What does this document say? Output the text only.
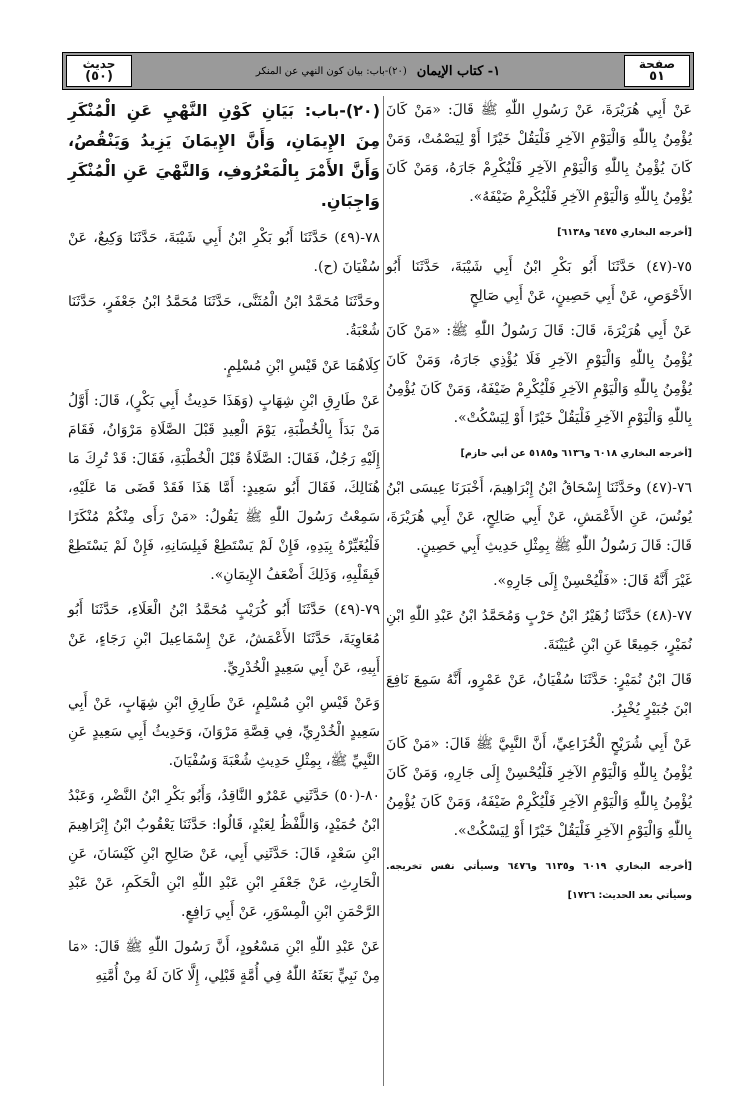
صفحة
٥١
١- كتاب الإيمان
(٢٠)-باب: بيان كون النهي عن المنكر
حديث
(٥٠)

عَنْ أَبِي هُرَيْرَةَ، عَنْ رَسُولِ اللّٰهِ ﷺ قَالَ: «مَنْ كَانَ يُؤْمِنُ بِاللّٰهِ وَالْيَوْمِ الآخِرِ فَلْيَقُلْ خَيْرًا أَوْ لِيَصْمُتْ، وَمَنْ كَانَ يُؤْمِنُ بِاللّٰهِ وَالْيَوْمِ الآخِرِ فَلْيُكْرِمْ جَارَهُ، وَمَنْ كَانَ يُؤْمِنُ بِاللّٰهِ وَالْيَوْمِ الآخِرِ فَلْيُكْرِمْ ضَيْفَهُ».

[أخرجه البخاري ٦٤٧٥ و٦١٣٨]

٧٥-(٤٧) حَدَّثَنَا أَبُو بَكْرِ ابْنُ أَبِي شَيْبَةَ، حَدَّثَنَا أَبُو الأَحْوَصِ، عَنْ أَبِي حَصِينٍ، عَنْ أَبِي صَالِحٍ

عَنْ أَبِي هُرَيْرَةَ، قَالَ: قَالَ رَسُولُ اللّٰهِ ﷺ: «مَنْ كَانَ يُؤْمِنُ بِاللّٰهِ وَالْيَوْمِ الآخِرِ فَلَا يُؤْذِي جَارَهُ، وَمَنْ كَانَ يُؤْمِنُ بِاللّٰهِ وَالْيَوْمِ الآخِرِ فَلْيُكْرِمْ ضَيْفَهُ، وَمَنْ كَانَ يُؤْمِنُ بِاللّٰهِ وَالْيَوْمِ الآخِرِ فَلْيَقُلْ خَيْرًا أَوْ لِيَسْكُتْ».

[أخرجه البخاري ٦٠١٨ و٦١٣٦ و٥١٨٥ عن أبي حازم]

٧٦-(٤٧) وحَدَّثَنَا إِسْحَاقُ ابْنُ إِبْرَاهِيمَ، أَخْبَرَنَا عِيسَى ابْنُ يُونُسَ، عَنِ الأَعْمَشِ، عَنْ أَبِي صَالِحٍ، عَنْ أَبِي هُرَيْرَةَ، قَالَ: قَالَ رَسُولُ اللّٰهِ ﷺ بِمِثْلِ حَدِيثِ أَبِي حَصِينٍ.

غَيْرَ أَنَّهُ قَالَ: «فَلْيُحْسِنْ إِلَى جَارِهِ».

٧٧-(٤٨) حَدَّثَنَا زُهَيْرُ ابْنُ حَرْبٍ وَمُحَمَّدُ ابْنُ عَبْدِ اللّٰهِ ابْنِ نُمَيْرٍ، جَمِيعًا عَنِ ابْنِ عُيَيْنَةَ.

قَالَ ابْنُ نُمَيْرٍ: حَدَّثَنَا سُفْيَانُ، عَنْ عَمْرٍو، أَنَّهُ سَمِعَ نَافِعَ ابْنَ جُبَيْرٍ يُخْبِرُ.

عَنْ أَبِي شُرَيْحٍ الْخُزَاعِيِّ، أَنَّ النَّبِيَّ ﷺ قَالَ: «مَنْ كَانَ يُؤْمِنُ بِاللّٰهِ وَالْيَوْمِ الآخِرِ فَلْيُحْسِنْ إِلَى جَارِهِ، وَمَنْ كَانَ يُؤْمِنُ بِاللّٰهِ وَالْيَوْمِ الآخِرِ فَلْيُكْرِمْ ضَيْفَهُ، وَمَنْ كَانَ يُؤْمِنُ بِاللّٰهِ وَالْيَوْمِ الآخِرِ فَلْيَقُلْ خَيْرًا أَوْ لِيَسْكُتْ».

[أخرجه البخاري ٦٠١٩ و٦١٣٥ و٦٤٧٦ وسيأتي نفس تخريجه. وسيأتي بعد الحديث: ١٧٢٦]

(٢٠)-باب: بَيَانِ كَوْنِ النَّهْيِ عَنِ الْمُنْكَرِ مِنَ الإِيمَانِ، وَأَنَّ الإِيمَانَ يَزِيدُ وَيَنْقُصُ، وَأَنَّ الأَمْرَ بِالْمَعْرُوفِ، وَالنَّهْيَ عَنِ الْمُنْكَرِ وَاجِبَانِ.

٧٨-(٤٩) حَدَّثَنَا أَبُو بَكْرِ ابْنُ أَبِي شَيْبَةَ، حَدَّثَنَا وَكِيعٌ، عَنْ سُفْيَانَ (ح).

وحَدَّثَنَا مُحَمَّدُ ابْنُ الْمُثَنَّى، حَدَّثَنَا مُحَمَّدُ ابْنُ جَعْفَرٍ، حَدَّثَنَا شُعْبَةُ.

كِلَاهُمَا عَنْ قَيْسِ ابْنِ مُسْلِمٍ.

عَنْ طَارِقِ ابْنِ شِهَابٍ (وَهَذَا حَدِيثُ أَبِي بَكْرٍ)، قَالَ: أَوَّلُ مَنْ بَدَأَ بِالْخُطْبَةِ، يَوْمَ الْعِيدِ قَبْلَ الصَّلَاةِ مَرْوَانُ، فَقَامَ إِلَيْهِ رَجُلٌ، فَقَالَ: الصَّلَاةُ قَبْلَ الْخُطْبَةِ، فَقَالَ: قَدْ تُرِكَ مَا هُنَالِكَ، فَقَالَ أَبُو سَعِيدٍ: أَمَّا هَذَا فَقَدْ قَضَى مَا عَلَيْهِ، سَمِعْتُ رَسُولَ اللّٰهِ ﷺ يَقُولُ: «مَنْ رَأَى مِنْكُمْ مُنْكَرًا فَلْيُغَيِّرْهُ بِيَدِهِ، فَإِنْ لَمْ يَسْتَطِعْ فَبِلِسَانِهِ، فَإِنْ لَمْ يَسْتَطِعْ فَبِقَلْبِهِ، وَذَلِكَ أَضْعَفُ الإِيمَانِ».

٧٩-(٤٩) حَدَّثَنَا أَبُو كُرَيْبٍ مُحَمَّدُ ابْنُ الْعَلَاءِ، حَدَّثَنَا أَبُو مُعَاوِيَةَ، حَدَّثَنَا الأَعْمَشُ، عَنْ إِسْمَاعِيلَ ابْنِ رَجَاءٍ، عَنْ أَبِيهِ، عَنْ أَبِي سَعِيدٍ الْخُدْرِيِّ.

وَعَنْ قَيْسِ ابْنِ مُسْلِمٍ، عَنْ طَارِقِ ابْنِ شِهَابٍ، عَنْ أَبِي سَعِيدٍ الْخُدْرِيِّ، فِي قِصَّةِ مَرْوَانَ، وَحَدِيثُ أَبِي سَعِيدٍ عَنِ النَّبِيِّ ﷺ، بِمِثْلِ حَدِيثِ شُعْبَةَ وَسُفْيَانَ.

٨٠-(٥٠) حَدَّثَنِي عَمْرٌو النَّاقِدُ، وَأَبُو بَكْرِ ابْنُ النَّضْرِ، وَعَبْدُ ابْنُ حُمَيْدٍ، وَاللَّفْظُ لِعَبْدٍ، قَالُوا: حَدَّثَنَا يَعْقُوبُ ابْنُ إِبْرَاهِيمَ ابْنِ سَعْدٍ، قَالَ: حَدَّثَنِي أَبِي، عَنْ صَالِحِ ابْنِ كَيْسَانَ، عَنِ الْحَارِثِ، عَنْ جَعْفَرِ ابْنِ عَبْدِ اللّٰهِ ابْنِ الْحَكَمِ، عَنْ عَبْدِ الرَّحْمَنِ ابْنِ الْمِسْوَرِ، عَنْ أَبِي رَافِعٍ.

عَنْ عَبْدِ اللّٰهِ ابْنِ مَسْعُودٍ، أَنَّ رَسُولَ اللّٰهِ ﷺ قَالَ: «مَا مِنْ نَبِيٍّ بَعَثَهُ اللّٰهُ فِي أُمَّةٍ قَبْلِي، إِلَّا كَانَ لَهُ مِنْ أُمَّتِهِ
